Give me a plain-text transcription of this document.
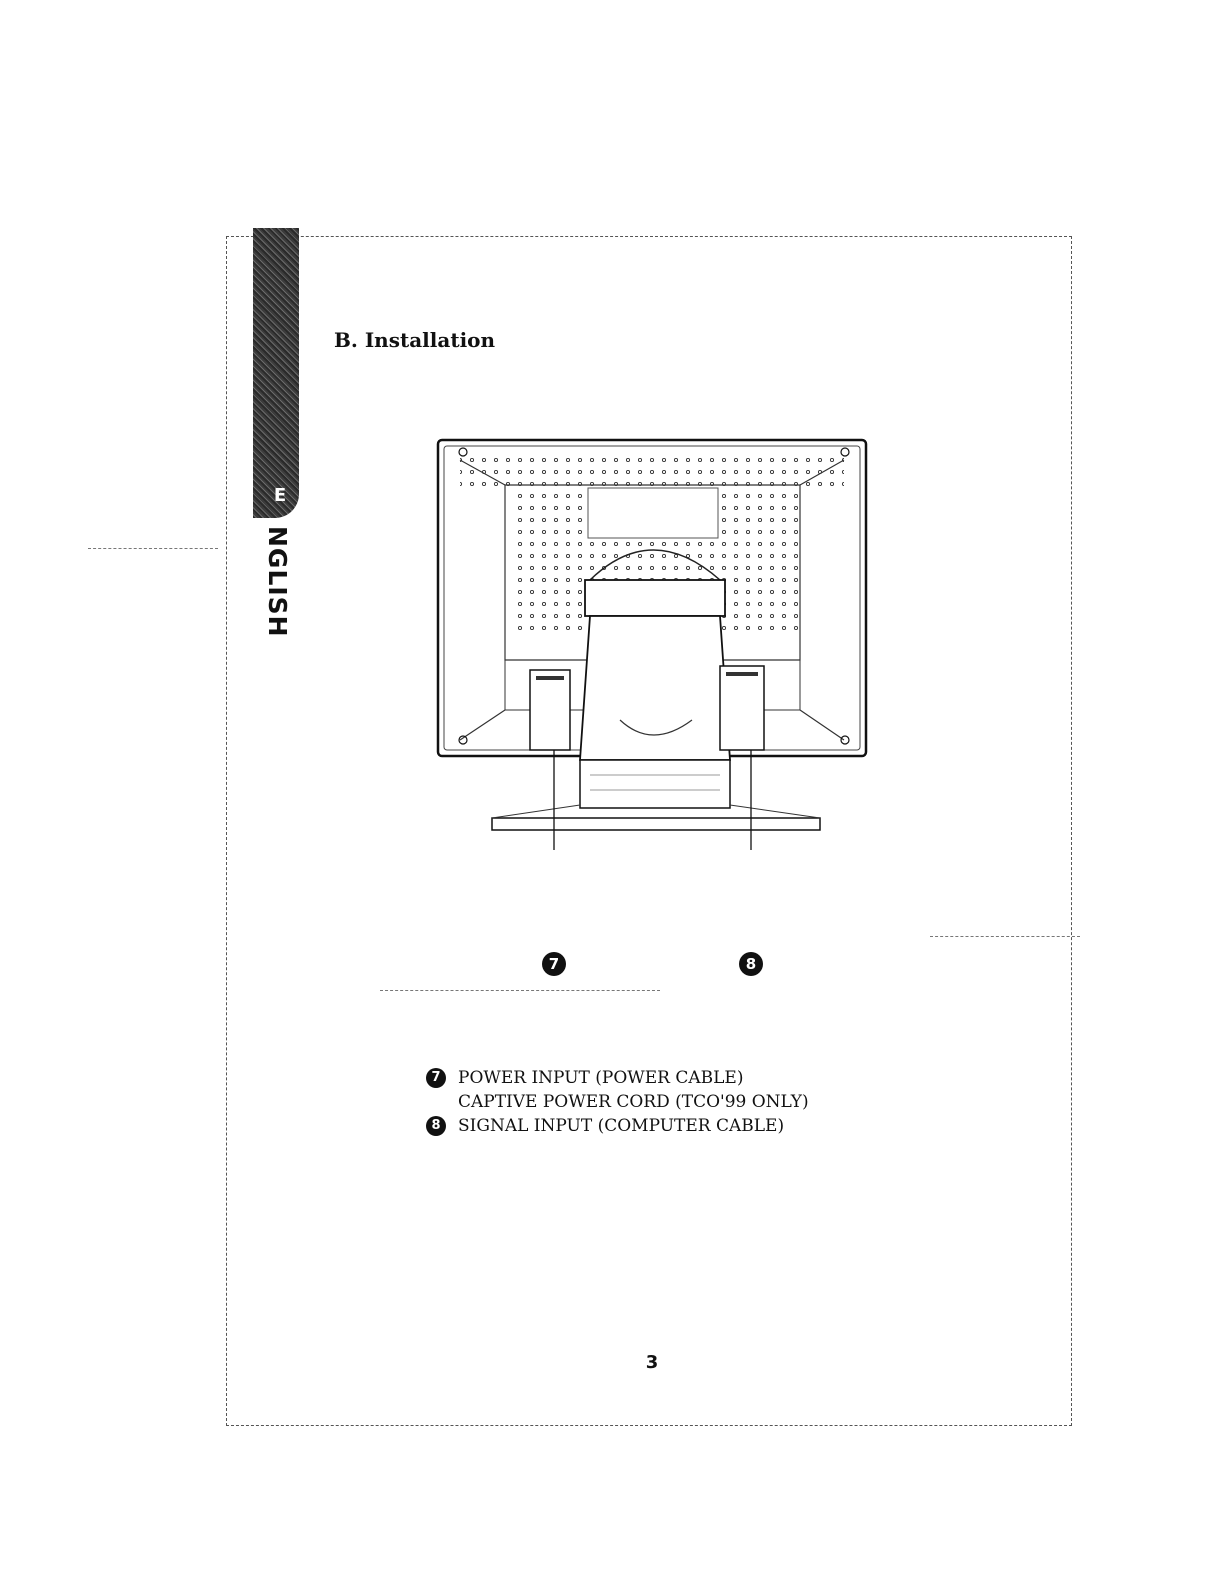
E
NGLISH
B. Installation
7	8
7	POWER INPUT (POWER CABLE)
CAPTIVE POWER CORD (TCO'99 ONLY)
8	SIGNAL INPUT (COMPUTER CABLE)
3
